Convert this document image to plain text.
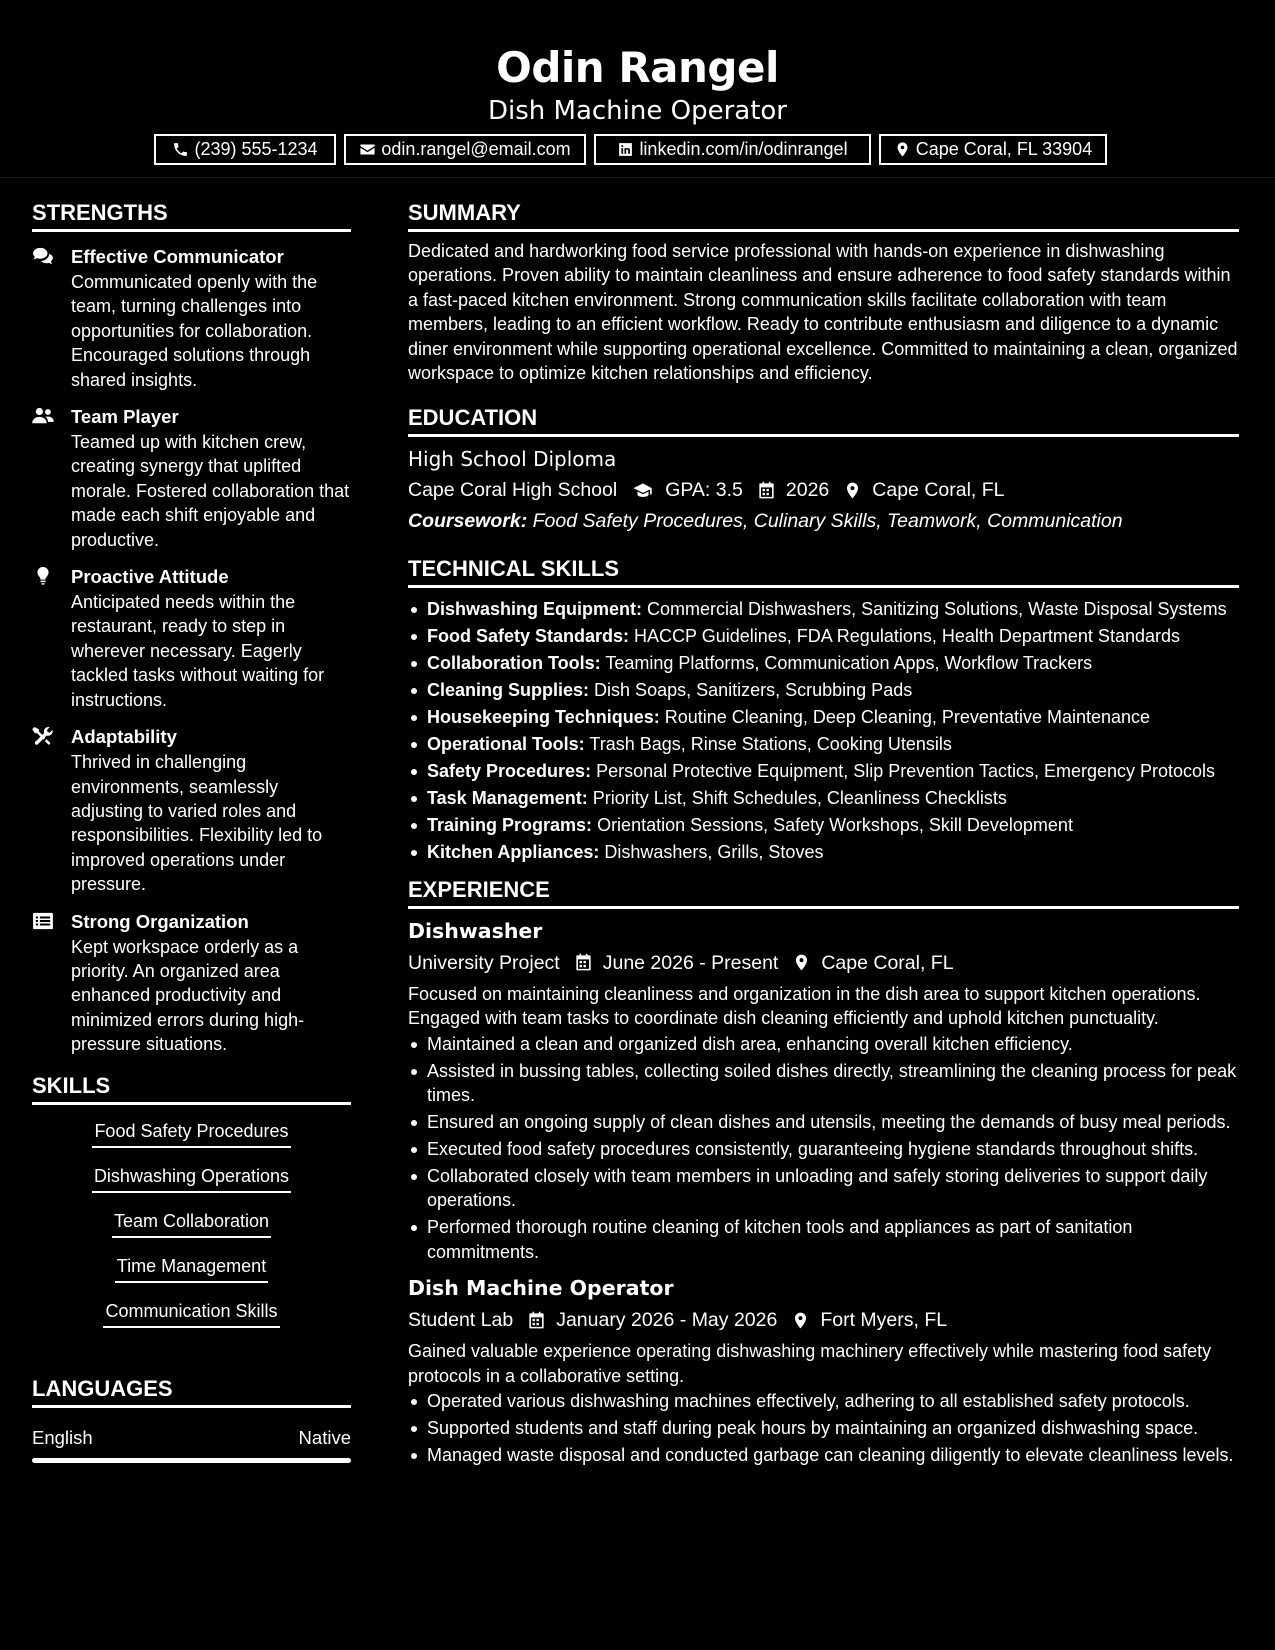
Odin Rangel
Dish Machine Operator
(239) 555-1234	odin.rangel@email.com	linkedin.com/in/odinrangel	Cape Coral, FL 33904
STRENGTHS
Effective Communicator
Communicated openly with the team, turning challenges into opportunities for collaboration. Encouraged solutions through shared insights.
Team Player
Teamed up with kitchen crew, creating synergy that uplifted morale. Fostered collaboration that made each shift enjoyable and productive.
Proactive Attitude
Anticipated needs within the restaurant, ready to step in wherever necessary. Eagerly tackled tasks without waiting for instructions.
Adaptability
Thrived in challenging environments, seamlessly adjusting to varied roles and responsibilities. Flexibility led to improved operations under pressure.
Strong Organization
Kept workspace orderly as a priority. An organized area enhanced productivity and minimized errors during high-pressure situations.
SKILLS
Food Safety Procedures
Dishwashing Operations
Team Collaboration
Time Management
Communication Skills
LANGUAGES
English	Native
SUMMARY
Dedicated and hardworking food service professional with hands-on experience in dishwashing operations. Proven ability to maintain cleanliness and ensure adherence to food safety standards within a fast-paced kitchen environment. Strong communication skills facilitate collaboration with team members, leading to an efficient workflow. Ready to contribute enthusiasm and diligence to a dynamic diner environment while supporting operational excellence. Committed to maintaining a clean, organized workspace to optimize kitchen relationships and efficiency.
EDUCATION
High School Diploma
Cape Coral High School GPA: 3.5 2026 Cape Coral, FL
Coursework: Food Safety Procedures, Culinary Skills, Teamwork, Communication
TECHNICAL SKILLS
Dishwashing Equipment: Commercial Dishwashers, Sanitizing Solutions, Waste Disposal Systems
Food Safety Standards: HACCP Guidelines, FDA Regulations, Health Department Standards
Collaboration Tools: Teaming Platforms, Communication Apps, Workflow Trackers
Cleaning Supplies: Dish Soaps, Sanitizers, Scrubbing Pads
Housekeeping Techniques: Routine Cleaning, Deep Cleaning, Preventative Maintenance
Operational Tools: Trash Bags, Rinse Stations, Cooking Utensils
Safety Procedures: Personal Protective Equipment, Slip Prevention Tactics, Emergency Protocols
Task Management: Priority List, Shift Schedules, Cleanliness Checklists
Training Programs: Orientation Sessions, Safety Workshops, Skill Development
Kitchen Appliances: Dishwashers, Grills, Stoves
EXPERIENCE
Dishwasher
University Project June 2026 - Present Cape Coral, FL
Focused on maintaining cleanliness and organization in the dish area to support kitchen operations. Engaged with team tasks to coordinate dish cleaning efficiently and uphold kitchen punctuality.
Maintained a clean and organized dish area, enhancing overall kitchen efficiency.
Assisted in bussing tables, collecting soiled dishes directly, streamlining the cleaning process for peak times.
Ensured an ongoing supply of clean dishes and utensils, meeting the demands of busy meal periods.
Executed food safety procedures consistently, guaranteeing hygiene standards throughout shifts.
Collaborated closely with team members in unloading and safely storing deliveries to support daily operations.
Performed thorough routine cleaning of kitchen tools and appliances as part of sanitation commitments.
Dish Machine Operator
Student Lab January 2026 - May 2026 Fort Myers, FL
Gained valuable experience operating dishwashing machinery effectively while mastering food safety protocols in a collaborative setting.
Operated various dishwashing machines effectively, adhering to all established safety protocols.
Supported students and staff during peak hours by maintaining an organized dishwashing space.
Managed waste disposal and conducted garbage can cleaning diligently to elevate cleanliness levels.
